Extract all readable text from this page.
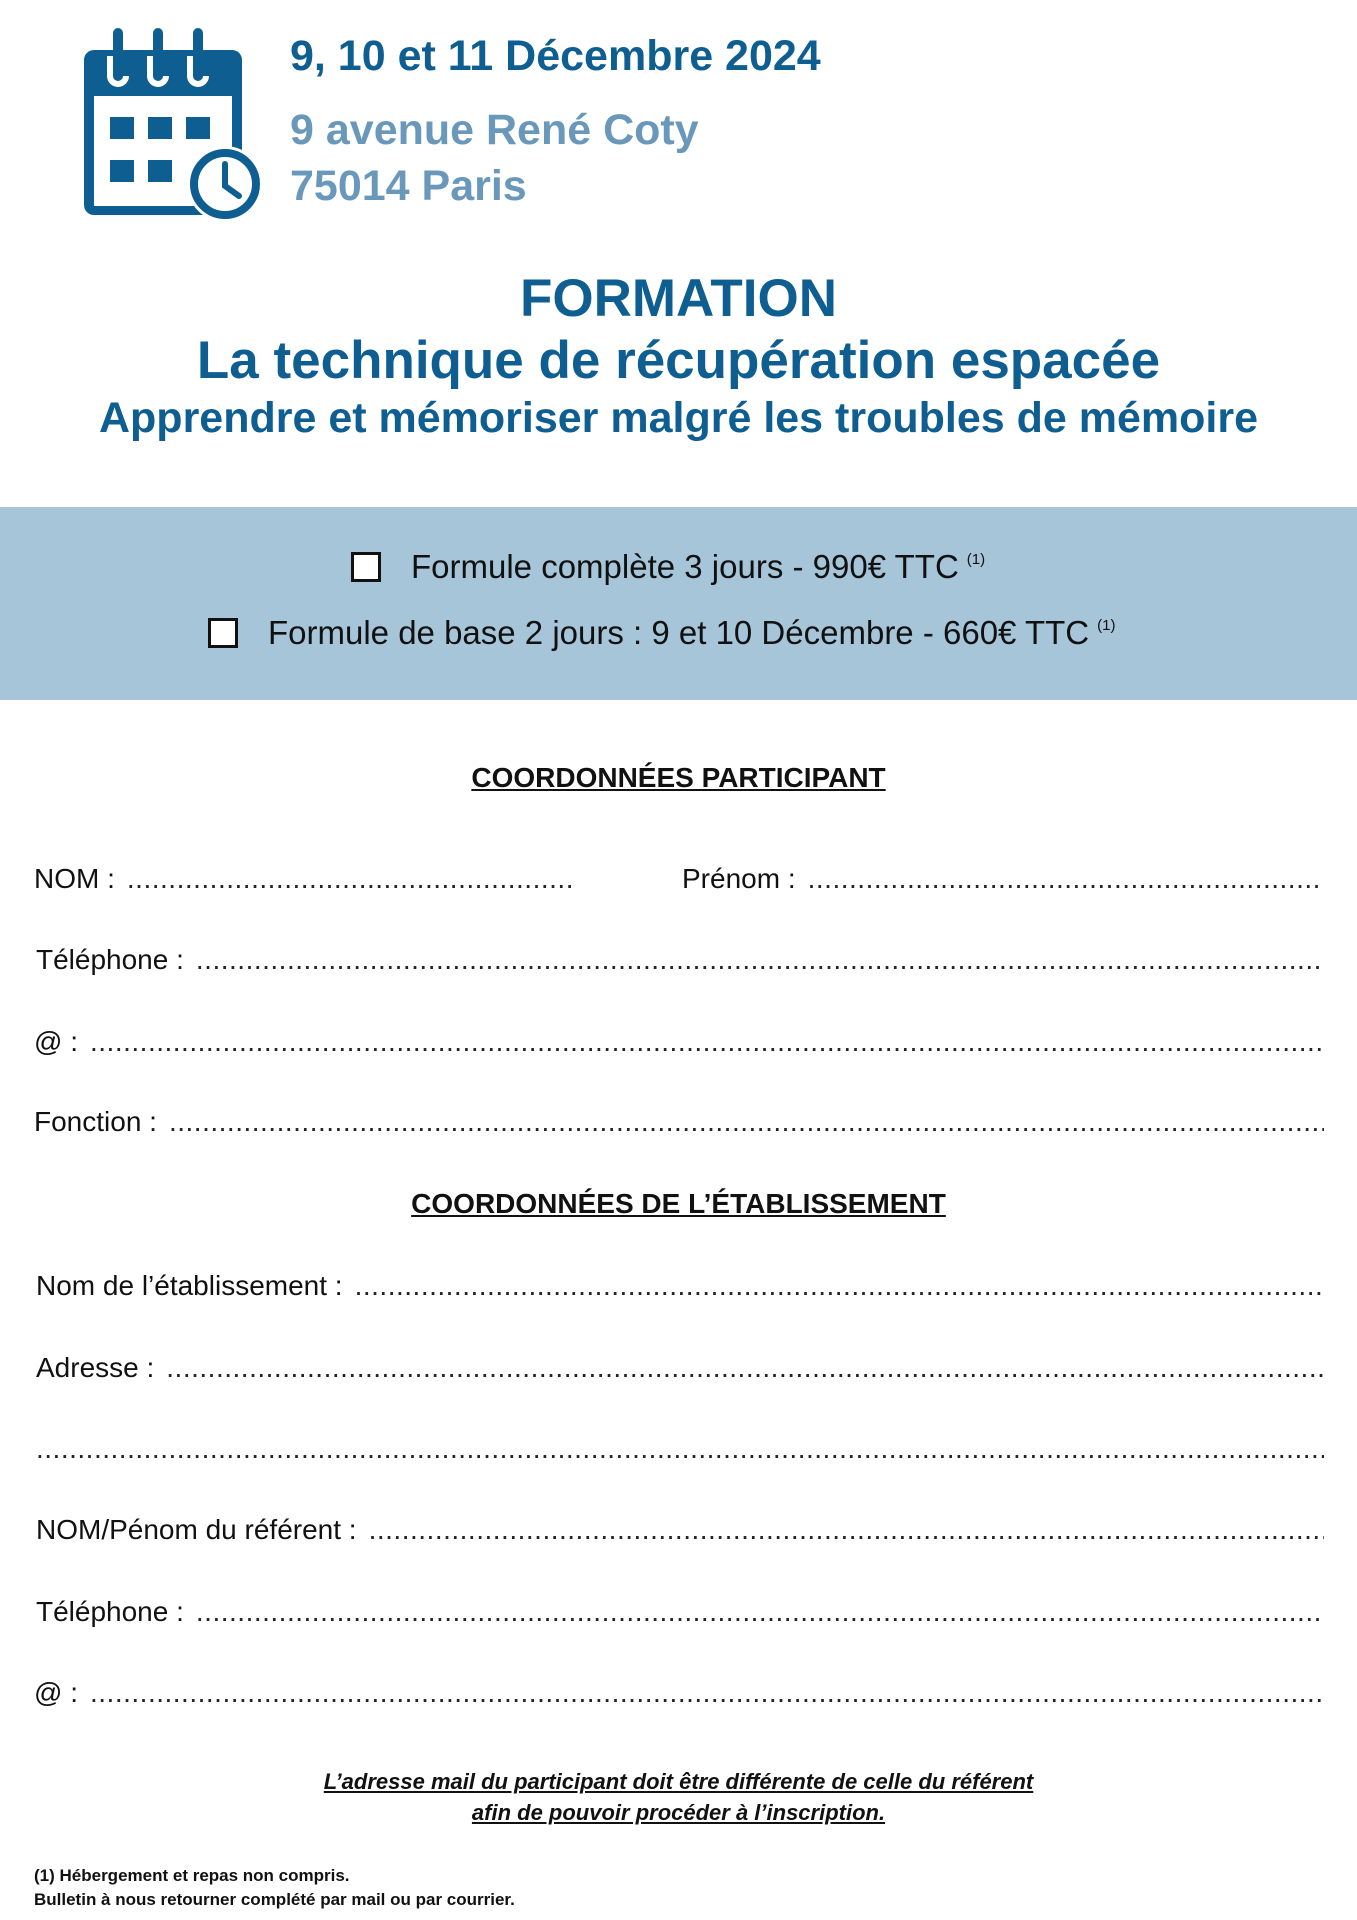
9, 10 et 11 Décembre 2024
9 avenue René Coty
75014 Paris
FORMATION
La technique de récupération espacée
Apprendre et mémoriser malgré les troubles de mémoire
Formule complète 3 jours - 990€ TTC $^{(1)}$
Formule de base 2 jours : 9 et 10 Décembre - 660€ TTC $^{(1)}$
COORDONNÉES PARTICIPANT
NOM :
.....	Prénom :
.....
Téléphone :
.....
@ :
.....
Fonction :
.....
COORDONNÉES DE L’ÉTABLISSEMENT
Nom de l’établissement :
.....
Adresse :
.....
.....
NOM/Pénom du référent :
.....
Téléphone :
.....
@ :
.....
L’adresse mail du participant doit être différente de celle du référent
afin de pouvoir procéder à l’inscription.
(1) Hébergement et repas non compris.
Bulletin à nous retourner complété par mail ou par courrier.
